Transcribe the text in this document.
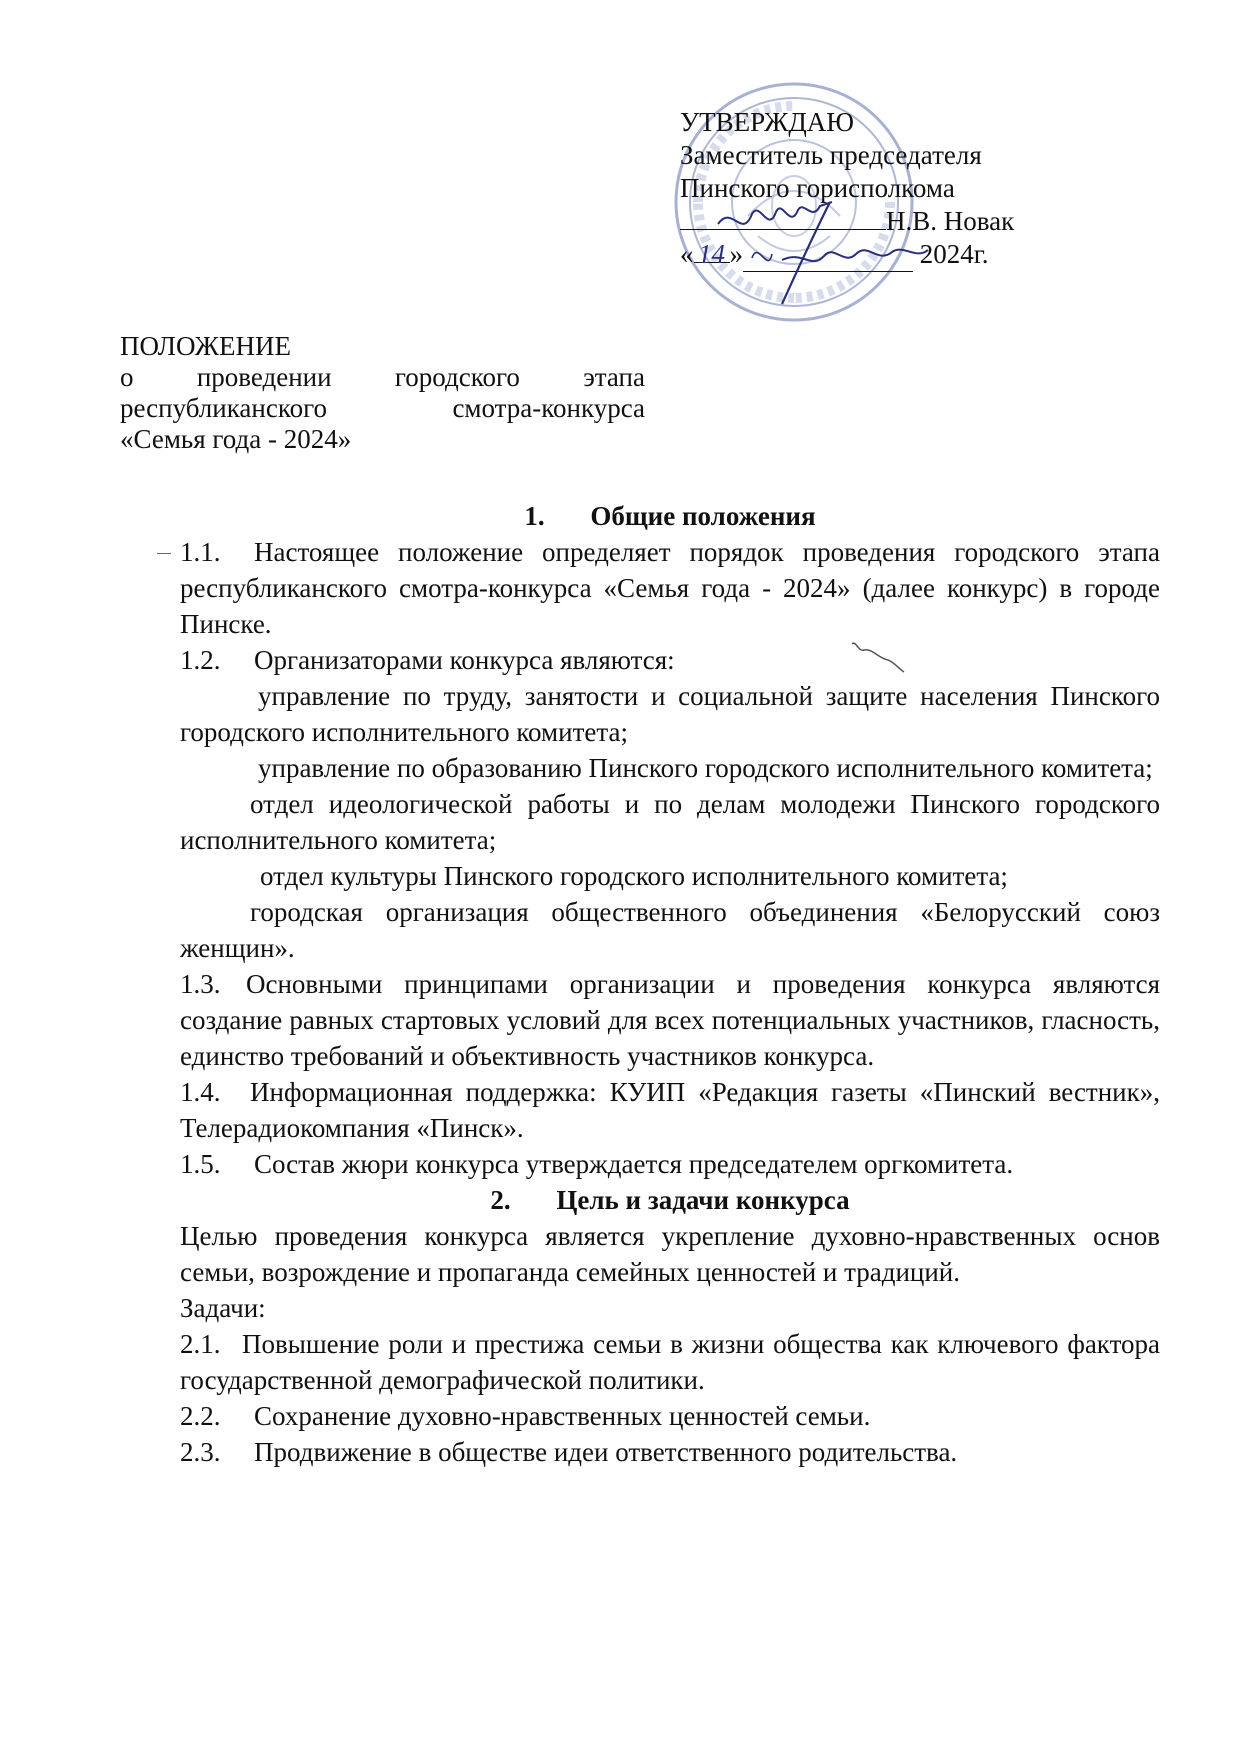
УТВЕРЖДАЮ
Заместитель председателя
Пинского горисполкома
Н.В. Новак
« 14 »	2024г.
ПОЛОЖЕНИЕ
о проведении городского этапа
республиканского смотра-конкурса
«Семья года - 2024»

1. Общие положения

1.1. Настоящее положение определяет порядок проведения городского этапа республиканского смотра-конкурса «Семья года - 2024» (далее конкурс) в городе Пинске.

1.2. Организаторами конкурса являются:

управление по труду, занятости и социальной защите населения Пинского городского исполнительного комитета;

управление по образованию Пинского городского исполнительного комитета;

отдел идеологической работы и по делам молодежи Пинского городского исполнительного комитета;

отдел культуры Пинского городского исполнительного комитета;

городская организация общественного объединения «Белорусский союз женщин».

1.3. Основными принципами организации и проведения конкурса являются создание равных стартовых условий для всех потенциальных участников, гласность, единство требований и объективность участников конкурса.

1.4. Информационная поддержка: КУИП «Редакция газеты «Пинский вестник», Телерадиокомпания «Пинск».

1.5. Состав жюри конкурса утверждается председателем оргкомитета.

2. Цель и задачи конкурса

Целью проведения конкурса является укрепление духовно-нравственных основ семьи, возрождение и пропаганда семейных ценностей и традиций.

Задачи:

2.1. Повышение роли и престижа семьи в жизни общества как ключевого фактора государственной демографической политики.

2.2. Сохранение духовно-нравственных ценностей семьи.

2.3. Продвижение в обществе идеи ответственного родительства.
